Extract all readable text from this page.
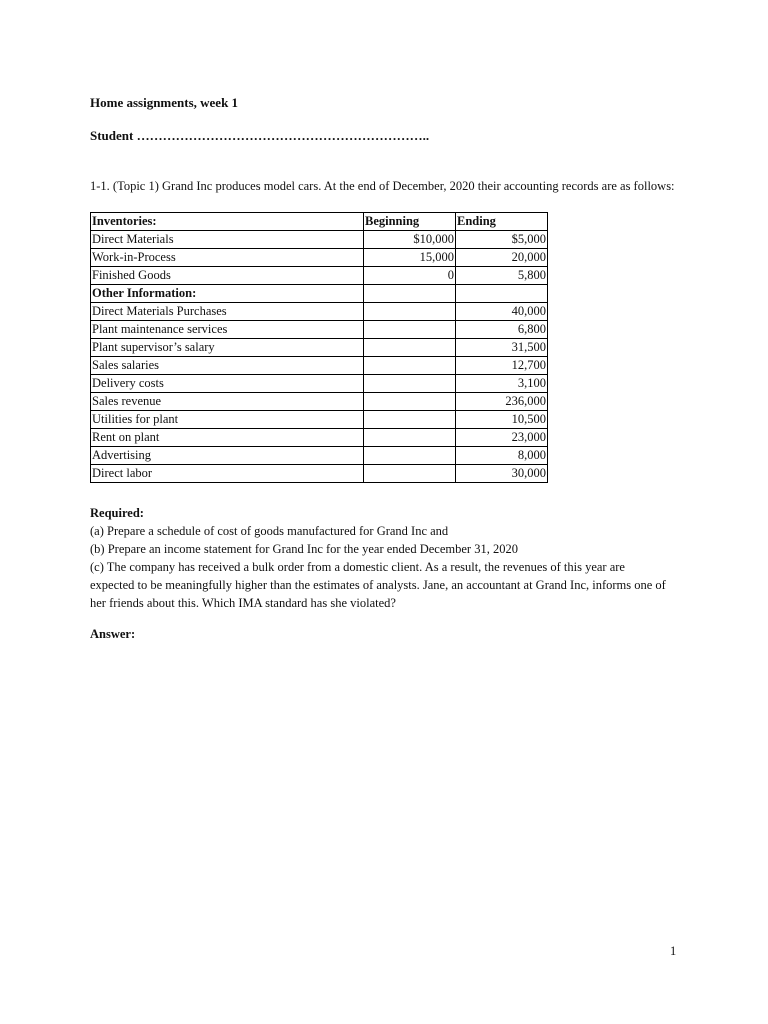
Home assignments, week 1

Student …………………………………………………………..

1-1. (Topic 1) Grand Inc produces model cars. At the end of December, 2020 their accounting records are as follows:

Inventories:	Beginning	Ending
Direct Materials	$10,000	$5,000
Work-in-Process	15,000	20,000
Finished Goods	0	5,800
Other Information:		
Direct Materials Purchases		40,000
Plant maintenance services		6,800
Plant supervisor’s salary		31,500
Sales salaries		12,700
Delivery costs		3,100
Sales revenue		236,000
Utilities for plant		10,500
Rent on plant		23,000
Advertising		8,000
Direct labor		30,000

Required:

(a) Prepare a schedule of cost of goods manufactured for Grand Inc and

(b) Prepare an income statement for Grand Inc for the year ended December 31, 2020

(c) The company has received a bulk order from a domestic client. As a result, the revenues of this year are expected to be meaningfully higher than the estimates of analysts. Jane, an accountant at Grand Inc, informs one of her friends about this. Which IMA standard has she violated?

Answer:

1
